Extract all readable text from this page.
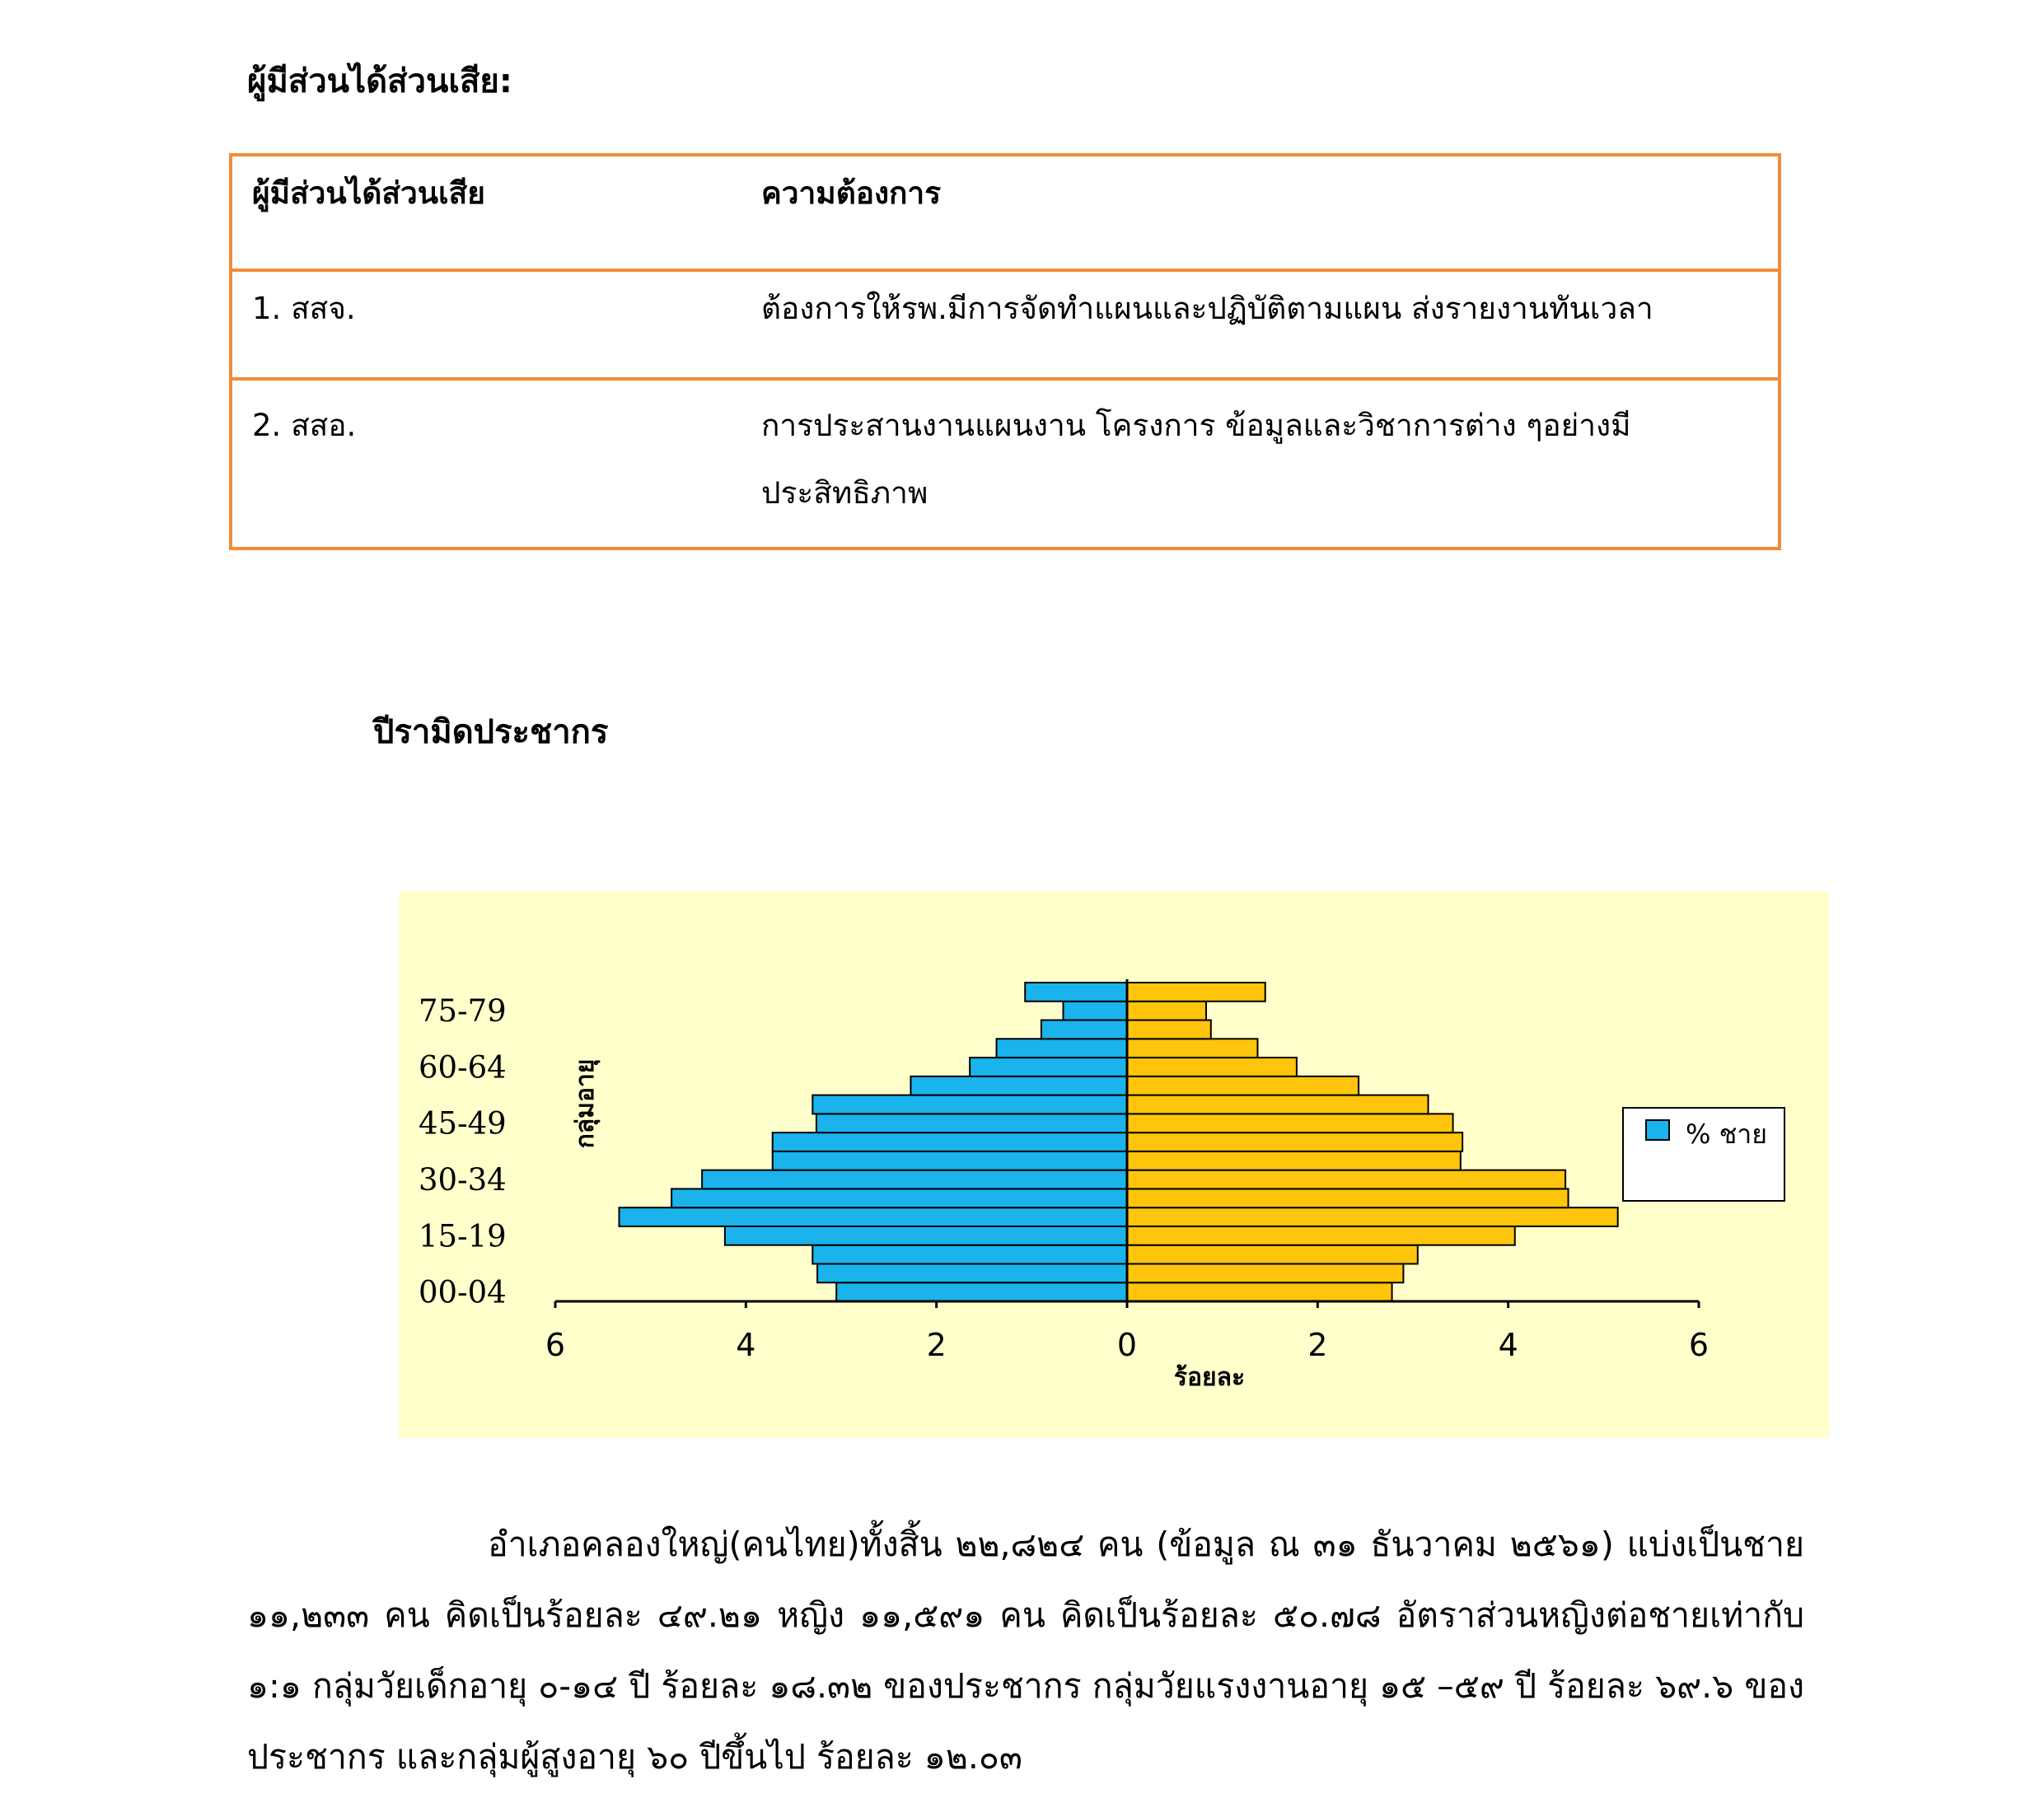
ผู้มีส่วนได้ส่วนเสีย:
ผู้มีส่วนได้ส่วนเสีย	ความต้องการ
1. สสจ.	ต้องการให้รพ.มีการจัดทำแผนและปฏิบัติตามแผน ส่งรายงานทันเวลา
2. สสอ.	การประสานงานแผนงาน โครงการ ข้อมูลและวิชาการต่าง ๆอย่างมีประสิทธิภาพ
ปีรามิดประชากร
6	4	2	0	2	4	6
00-04
15-19
30-34
45-49
60-64
75-79
ร้อยละ
กลุ่มอายุ	% ชาย

อำเภอคลองใหญ่(คนไทย)ทั้งสิ้น ๒๒,๘๒๔ คน (ข้อมูล ณ ๓๑ ธันวาคม ๒๕๖๑) แบ่งเป็นชาย ๑๑,๒๓๓ คน คิดเป็นร้อยละ ๔๙.๒๑ หญิง ๑๑,๕๙๑ คน คิดเป็นร้อยละ ๕๐.๗๘ อัตราส่วนหญิงต่อชายเท่ากับ ๑:๑ กลุ่มวัยเด็กอายุ ๐-๑๔ ปี ร้อยละ ๑๘.๓๒ ของประชากร กลุ่มวัยแรงงานอายุ ๑๕ –๕๙ ปี ร้อยละ ๖๙.๖ ของประชากร และกลุ่มผู้สูงอายุ ๖๐ ปีขึ้นไป ร้อยละ ๑๒.๐๓
